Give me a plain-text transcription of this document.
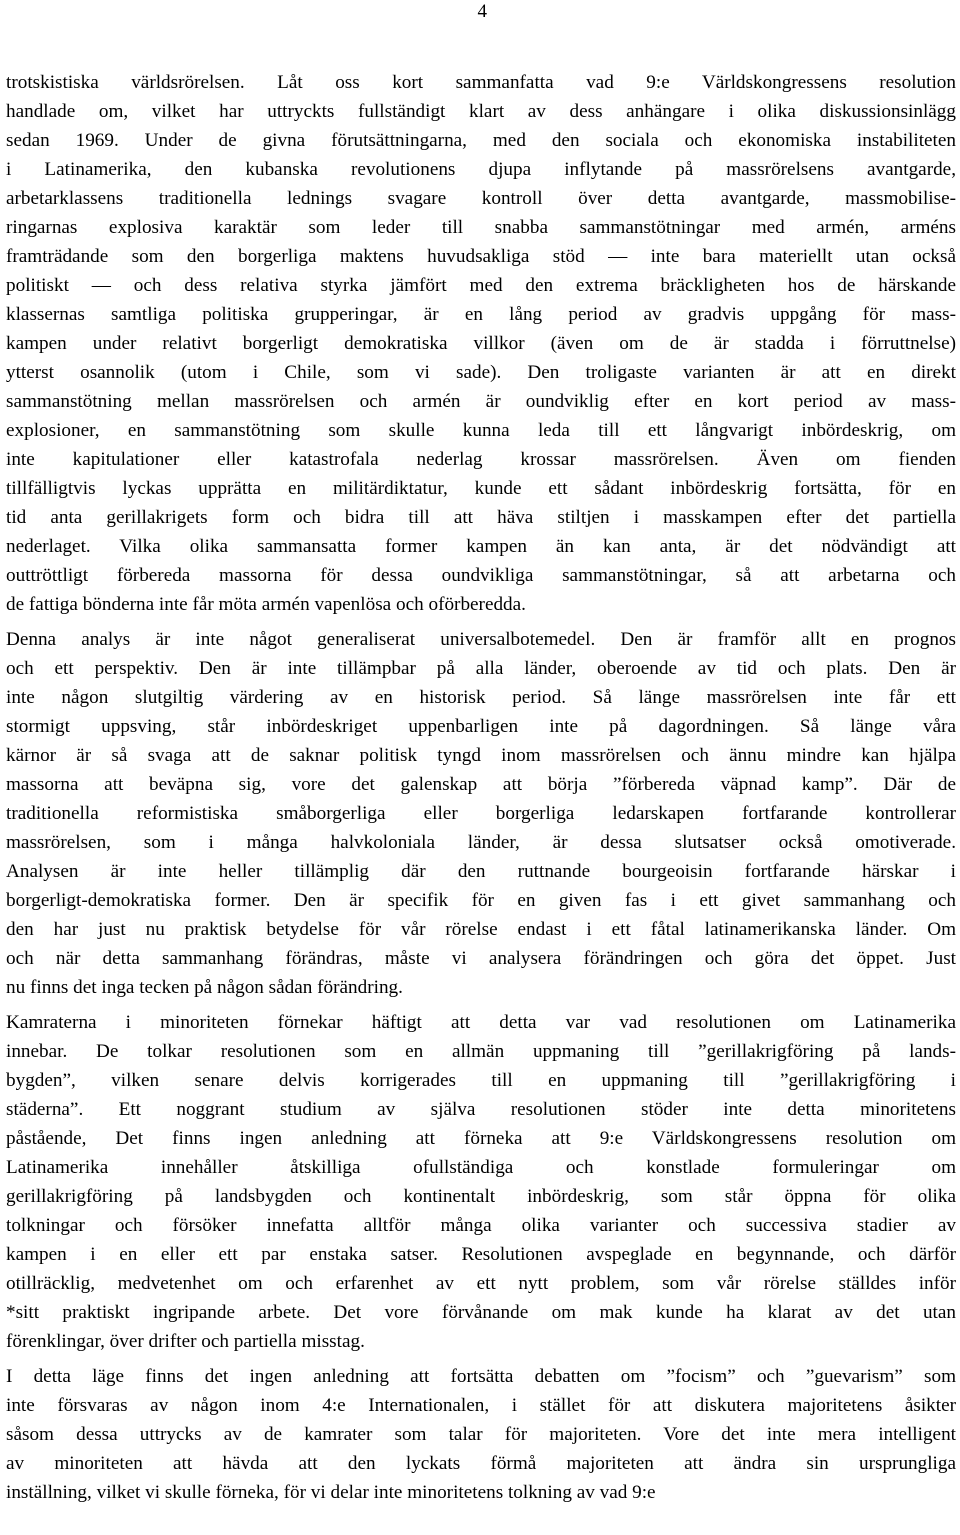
4
trotskistiska världsrörelsen. Låt oss kort sammanfatta vad 9:e Världskongressens resolution
handlade om, vilket har uttryckts fullständigt klart av dess anhängare i olika diskussionsinlägg
sedan 1969. Under de givna förutsättningarna, med den sociala och ekonomiska instabiliteten
i Latinamerika, den kubanska revolutionens djupa inflytande på massrörelsens avantgarde,
arbetarklassens traditionella lednings svagare kontroll över detta avantgarde, massmobilise-
ringarnas explosiva karaktär som leder till snabba sammanstötningar med armén, arméns
framträdande som den borgerliga maktens huvudsakliga stöd — inte bara materiellt utan också
politiskt — och dess relativa styrka jämfört med den extrema bräckligheten hos de härskande
klassernas samtliga politiska grupperingar, är en lång period av gradvis uppgång för mass-
kampen under relativt borgerligt demokratiska villkor (även om de är stadda i förruttnelse)
ytterst osannolik (utom i Chile, som vi sade). Den troligaste varianten är att en direkt
sammanstötning mellan massrörelsen och armén är oundviklig efter en kort period av mass-
explosioner, en sammanstötning som skulle kunna leda till ett långvarigt inbördeskrig, om
inte kapitulationer eller katastrofala nederlag krossar massrörelsen. Även om fienden
tillfälligtvis lyckas upprätta en militärdiktatur, kunde ett sådant inbördeskrig fortsätta, för en
tid anta gerillakrigets form och bidra till att häva stiltjen i masskampen efter det partiella
nederlaget. Vilka olika sammansatta former kampen än kan anta, är det nödvändigt att
outtröttligt förbereda massorna för dessa oundvikliga sammanstötningar, så att arbetarna och
de fattiga bönderna inte får möta armén vapenlösa och oförberedda.
Denna analys är inte något generaliserat universalbotemedel. Den är framför allt en prognos
och ett perspektiv. Den är inte tillämpbar på alla länder, oberoende av tid och plats. Den är
inte någon slutgiltig värdering av en historisk period. Så länge massrörelsen inte får ett
stormigt uppsving, står inbördeskriget uppenbarligen inte på dagordningen. Så länge våra
kärnor är så svaga att de saknar politisk tyngd inom massrörelsen och ännu mindre kan hjälpa
massorna att beväpna sig, vore det galenskap att börja ”förbereda väpnad kamp”. Där de
traditionella reformistiska småborgerliga eller borgerliga ledarskapen fortfarande kontrollerar
massrörelsen, som i många halvkoloniala länder, är dessa slutsatser också omotiverade.
Analysen är inte heller tillämplig där den ruttnande bourgeoisin fortfarande härskar i
borgerligt-demokratiska former. Den är specifik för en given fas i ett givet sammanhang och
den har just nu praktisk betydelse för vår rörelse endast i ett fåtal latinamerikanska länder. Om
och när detta sammanhang förändras, måste vi analysera förändringen och göra det öppet. Just
nu finns det inga tecken på någon sådan förändring.
Kamraterna i minoriteten förnekar häftigt att detta var vad resolutionen om Latinamerika
innebar. De tolkar resolutionen som en allmän uppmaning till ”gerillakrigföring på lands-
bygden”, vilken senare delvis korrigerades till en uppmaning till ”gerillakrigföring i
städerna”. Ett noggrant studium av själva resolutionen stöder inte detta minoritetens
påstående, Det finns ingen anledning att förneka att 9:e Världskongressens resolution om
Latinamerika innehåller åtskilliga ofullständiga och konstlade formuleringar om
gerillakrigföring på landsbygden och kontinentalt inbördeskrig, som står öppna för olika
tolkningar och försöker innefatta alltför många olika varianter och successiva stadier av
kampen i en eller ett par enstaka satser. Resolutionen avspeglade en begynnande, och därför
otillräcklig, medvetenhet om och erfarenhet av ett nytt problem, som vår rörelse ställdes inför
*sitt praktiskt ingripande arbete. Det vore förvånande om mak kunde ha klarat av det utan
förenklingar, över drifter och partiella misstag.
I detta läge finns det ingen anledning att fortsätta debatten om ”focism” och ”guevarism” som
inte försvaras av någon inom 4:e Internationalen, i stället för att diskutera majoritetens åsikter
såsom dessa uttrycks av de kamrater som talar för majoriteten. Vore det inte mera intelligent
av minoriteten att hävda att den lyckats förmå majoriteten att ändra sin ursprungliga
inställning, vilket vi skulle förneka, för vi delar inte minoritetens tolkning av vad 9:e
